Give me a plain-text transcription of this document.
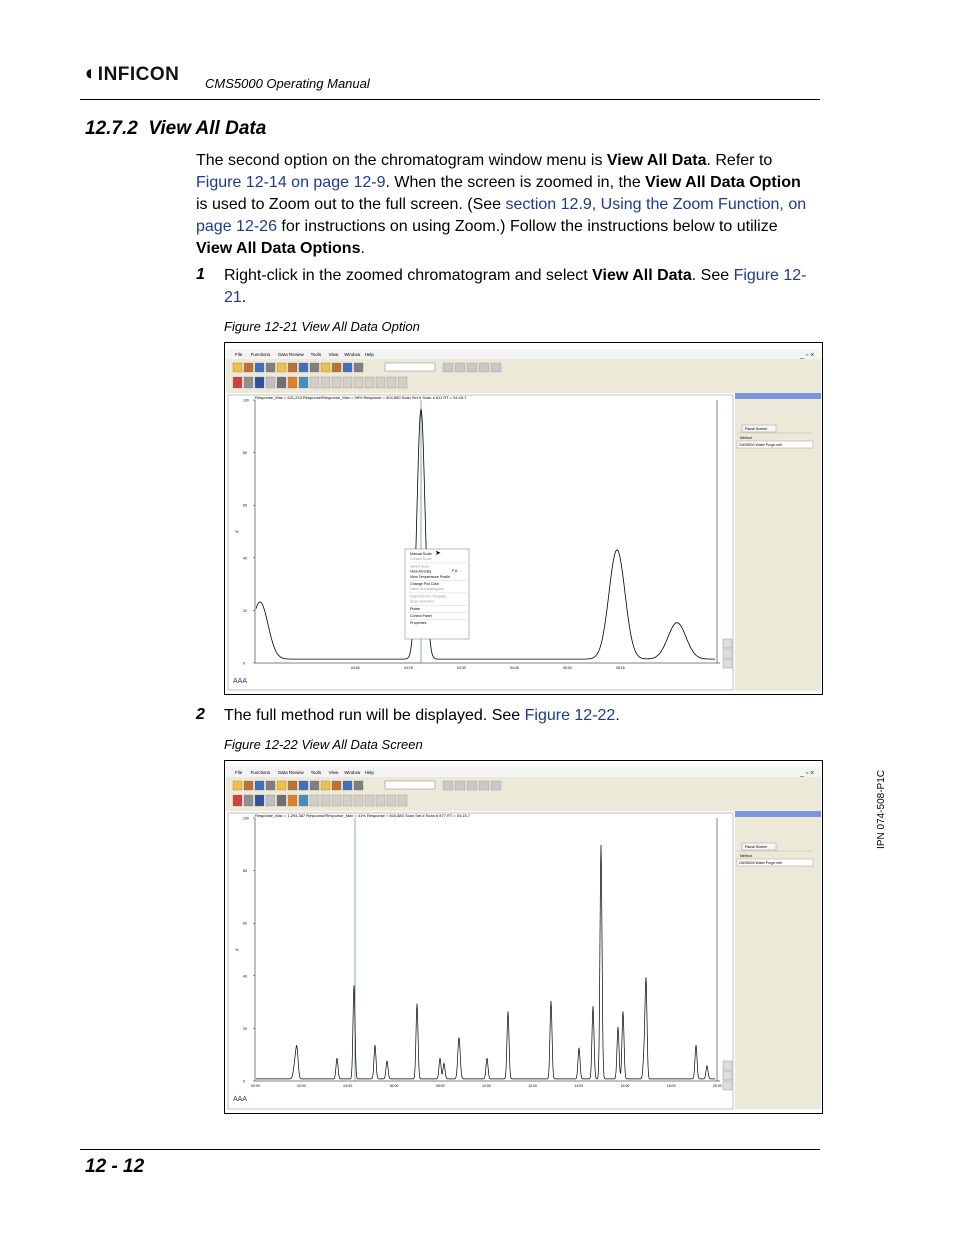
◖ INFICON CMS5000 Operating Manual
12.7.2 View All Data
The second option on the chromatogram window menu is View All Data. Refer to Figure 12-14 on page 12-9. When the screen is zoomed in, the View All Data Option is used to Zoom out to the full screen. (See section 12.9, Using the Zoom Function, on page 12-26 for instructions on using Zoom.) Follow the instructions below to utilize View All Data Options.
1 Right-click in the zoomed chromatogram and select View All Data. See Figure 12-21.
Figure 12-21 View All Data Option
File Functions Data Review Tools View Window Help	_ ▫ ×
Response_Max = 521,243 Response/Response_Max = 98% Response = 504,850 Scan Set # Scan # 811 RT = 04:15.7
100
80
60
40
20
0
%
04:00	04:15	04:30	04:45	05:00	05:15
AAA
Pause Screen
Method
CMS5000 Water Purge.mth
Manual Scale
Control Scale
Select Scan
View All Data
View Temperature Profile
Change Plot Color
Label Chromatogram
Hold Plot For Template
Scan Selection
Plotter
Control Panel
Properties
F11
➤
2 The full method run will be displayed. See Figure 12-22.
Figure 12-22 View All Data Screen
File Functions Data Review Tools View Window Help	_ ▫ ×
Response_Max = 1,294,367 Response/Response_Max = 41% Response = 504,880 Scan Set # Scan # 877 RT = 04:15.7
100
80
60
40
20
0
%
00:00	02:00	04:00	06:00	08:00	10:00	12:00	14:00	16:00	18:00	20:00
AAA
Pause Screen
Method
CMS5000 Water Purge.mth
IPN 074-508-P1C
12 - 12
